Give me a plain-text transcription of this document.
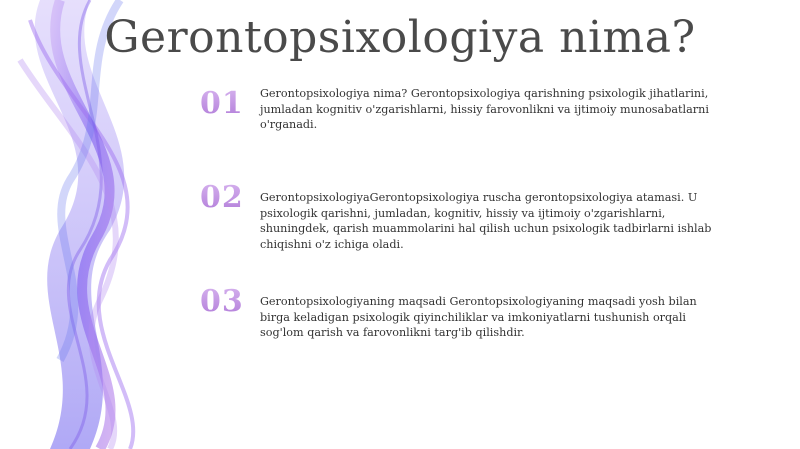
Gerontopsixologiya nima?
01 Gerontopsixologiya nima? Gerontopsixologiya qarishning psixologik jihatlarini, jumladan kognitiv o'zgarishlarni, hissiy farovonlikni va ijtimoiy munosabatlarni o'rganadi.
02 GerontopsixologiyaGerontopsixologiya ruscha gerontopsixologiya atamasi. U psixologik qarishni, jumladan, kognitiv, hissiy va ijtimoiy o'zgarishlarni, shuningdek, qarish muammolarini hal qilish uchun psixologik tadbirlarni ishlab chiqishni o'z ichiga oladi.
03 Gerontopsixologiyaning maqsadi Gerontopsixologiyaning maqsadi yosh bilan birga keladigan psixologik qiyinchiliklar va imkoniyatlarni tushunish orqali sog'lom qarish va farovonlikni targ'ib qilishdir.
